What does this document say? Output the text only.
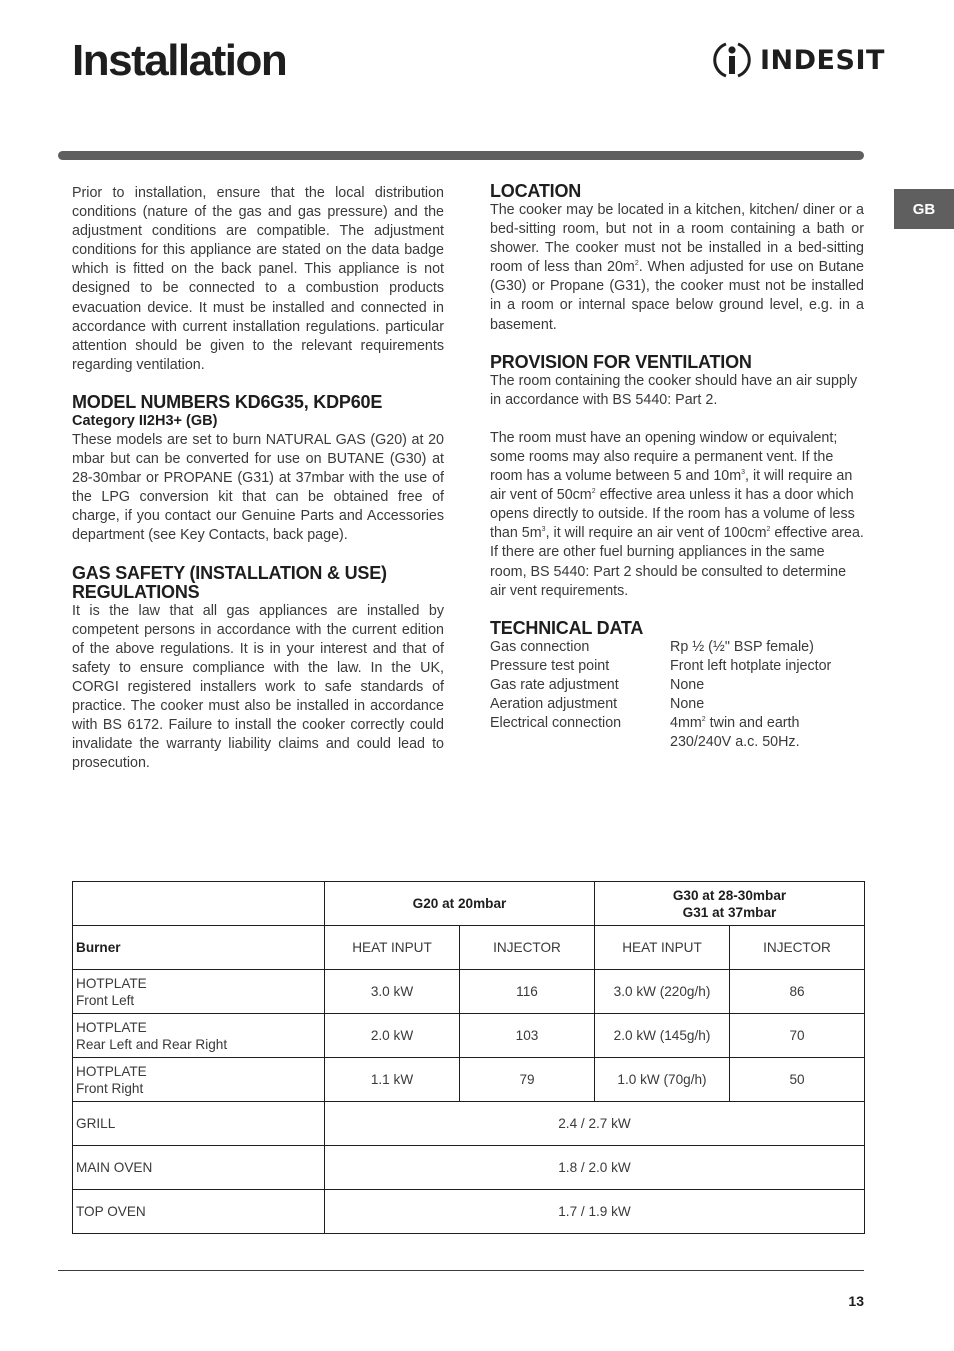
Installation	INDESIT
GB

Prior to installation, ensure that the local distribution conditions (nature of the gas and gas pressure) and the adjustment conditions are compatible. The adjustment conditions for this appliance are stated on the data badge which is fitted on the back panel. This appliance is not designed to be connected to a combustion products evacuation device. It must be installed and connected in accordance with current installation regulations. particular attention should be given to the relevant requirements regarding ventilation.

MODEL NUMBERS KD6G35, KDP60E
Category II2H3+ (GB)

These models are set to burn NATURAL GAS (G20) at 20 mbar but can be converted for use on BUTANE (G30) at 28-30mbar or PROPANE (G31) at 37mbar with the use of the LPG conversion kit that can be obtained free of charge, if you contact our Genuine Parts and Accessories department (see Key Contacts, back page).

GAS SAFETY (INSTALLATION & USE) REGULATIONS

It is the law that all gas appliances are installed by competent persons in accordance with the current edition of the above regulations. It is in your interest and that of safety to ensure compliance with the law. In the UK, CORGI registered installers work to safe standards of practice. The cooker must also be installed in accordance with BS 6172. Failure to install the cooker correctly could invalidate the warranty liability claims and could lead to prosecution.

LOCATION

The cooker may be located in a kitchen, kitchen/ diner or a bed-sitting room, but not in a room containing a bath or shower. The cooker must not be installed in a bed-sitting room of less than $20m^2$. When adjusted for use on Butane (G30) or Propane (G31), the cooker must not be installed in a room or internal space below ground level, e.g. in a basement.

PROVISION FOR VENTILATION

The room containing the cooker should have an air supply in accordance with BS 5440: Part 2.

The room must have an opening window or equivalent; some rooms may also require a permanent vent. If the room has a volume between 5 and $10m^3$, it will require an air vent of $50cm^2$ effective area unless it has a door which opens directly to outside. If the room has a volume of less than $5m^3$, it will require an air vent of $100cm^2$ effective area. If there are other fuel burning appliances in the same room, BS 5440: Part 2 should be consulted to determine air vent requirements.

TECHNICAL DATA
Gas connection	Rp ½ (½" BSP female)
Pressure test point	Front left hotplate injector
Gas rate adjustment	None
Aeration adjustment	None
Electrical connection	$4mm^2$ twin and earth
230/240V a.c. 50Hz.
	G20 at 20mbar		G30 at 28-30mbar
G31 at 37mbar	
Burner	HEAT INPUT	INJECTOR	HEAT INPUT	INJECTOR
HOTPLATE
Front Left	3.0 kW	116	3.0 kW (220g/h)	86
HOTPLATE
Rear Left and Rear Right	2.0 kW	103	2.0 kW (145g/h)	70
HOTPLATE
Front Right	1.1 kW	79	1.0 kW (70g/h)	50
GRILL	2.4 / 2.7 kW			
MAIN OVEN	1.8 / 2.0 kW			
TOP OVEN	1.7 / 1.9 kW			
13
